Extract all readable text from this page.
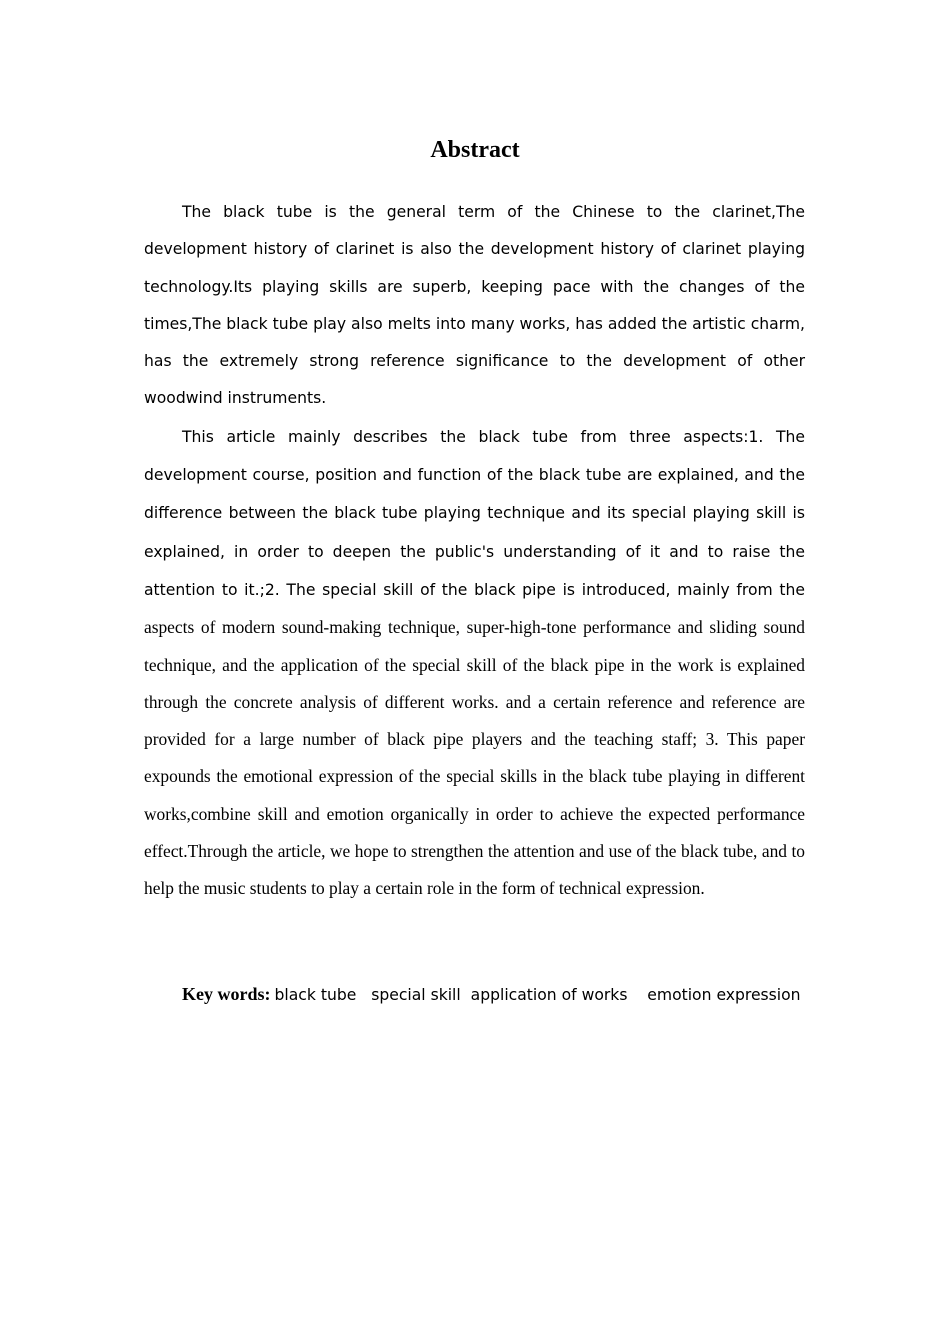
Abstract

The black tube is the general term of the Chinese to the clarinet,The development history of clarinet is also the development history of clarinet playing technology.Its playing skills are superb, keeping pace with the changes of the times,The black tube play also melts into many works, has added the artistic charm, has the extremely strong reference significance to the development of other woodwind instruments.

This article mainly describes the black tube from three aspects:1. The development course, position and function of the black tube are explained, and the difference between the black tube playing technique and its special playing skill is explained, in order to deepen the public's understanding of it and to raise the attention to it.;2. The special skill of the black pipe is introduced, mainly from the aspects of modern sound-making technique, super-high-tone performance and sliding sound technique, and the application of the special skill of the black pipe in the work is explained through the concrete analysis of different works. and a certain reference and reference are provided for a large number of black pipe players and the teaching staff; 3. This paper expounds the emotional expression of the special skills in the black tube playing in different works,combine skill and emotion organically in order to achieve the expected performance effect.Through the article, we hope to strengthen the attention and use of the black tube, and to help the music students to play a certain role in the form of technical expression.

Key words: black tube   special skill  application of works    emotion expression
